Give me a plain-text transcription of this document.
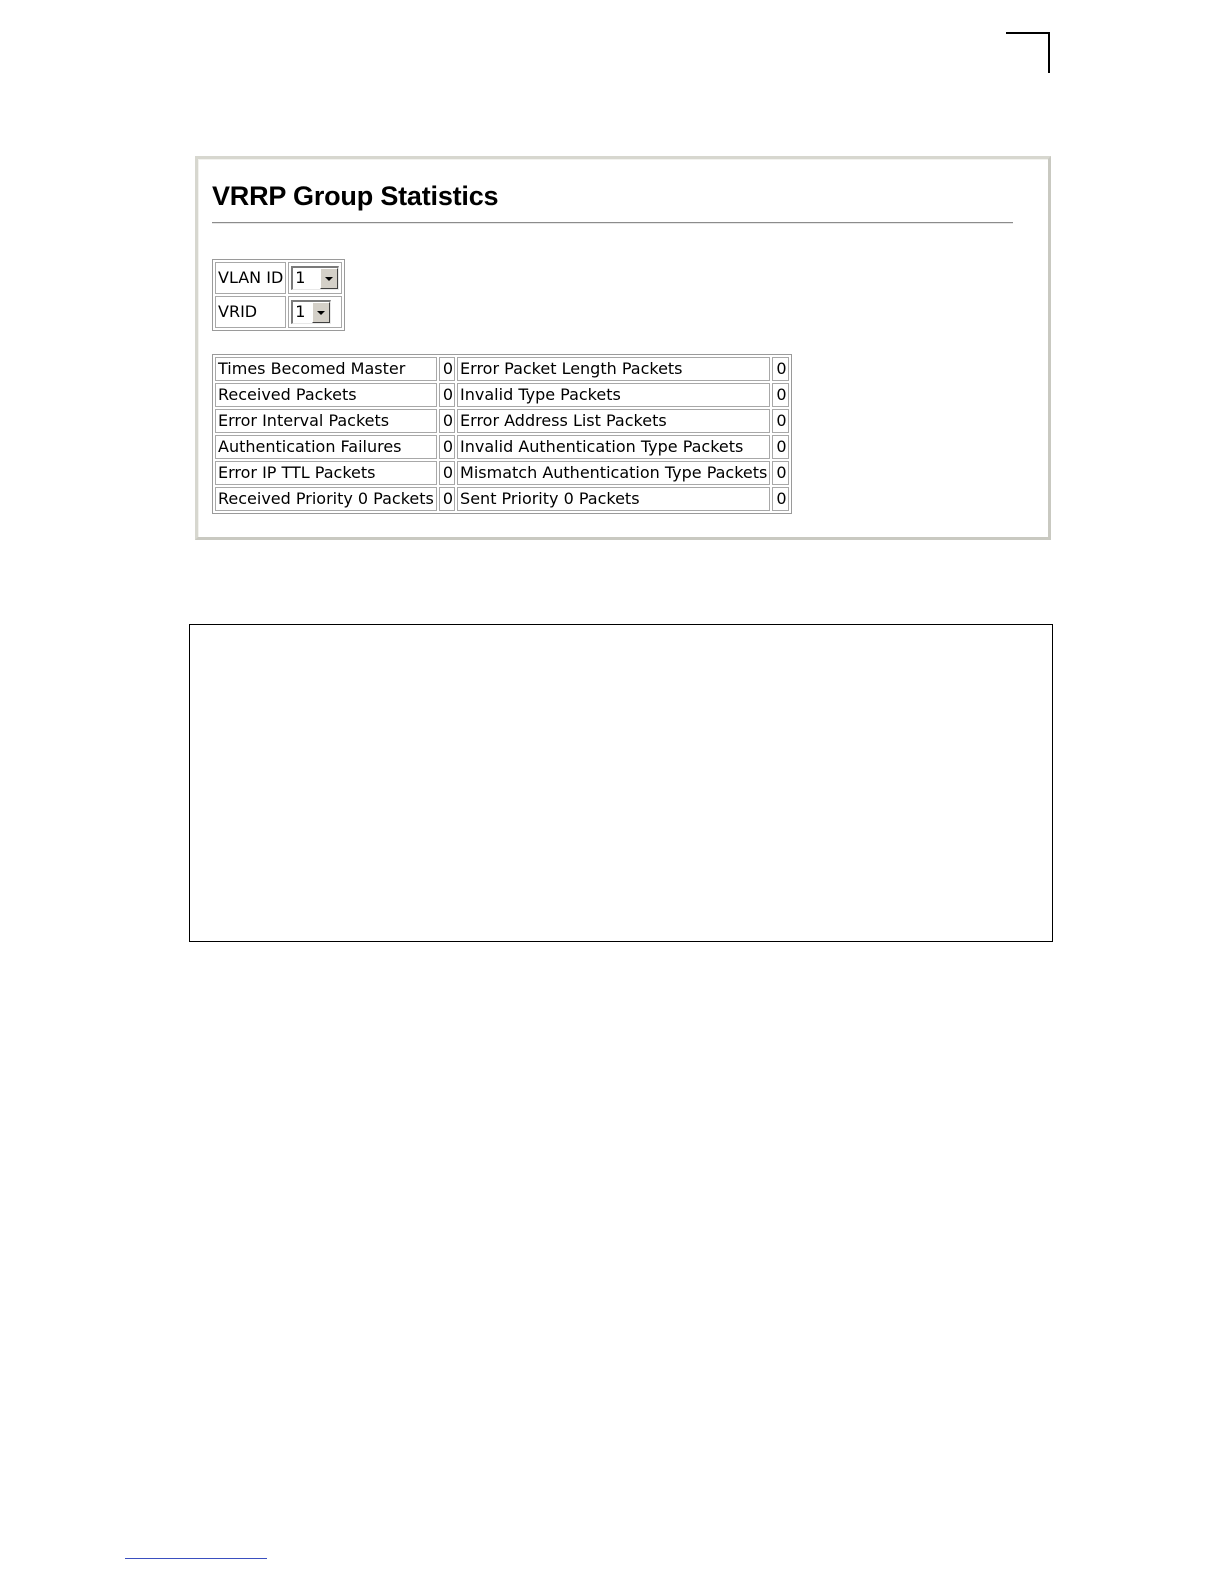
VRRP Group Statistics
VLAN ID	1

VRID	1
Times Becomed Master	0	Error Packet Length Packets	0
Received Packets	0	Invalid Type Packets	0
Error Interval Packets	0	Error Address List Packets	0
Authentication Failures	0	Invalid Authentication Type Packets	0
Error IP TTL Packets	0	Mismatch Authentication Type Packets	0
Received Priority 0 Packets	0	Sent Priority 0 Packets	0
